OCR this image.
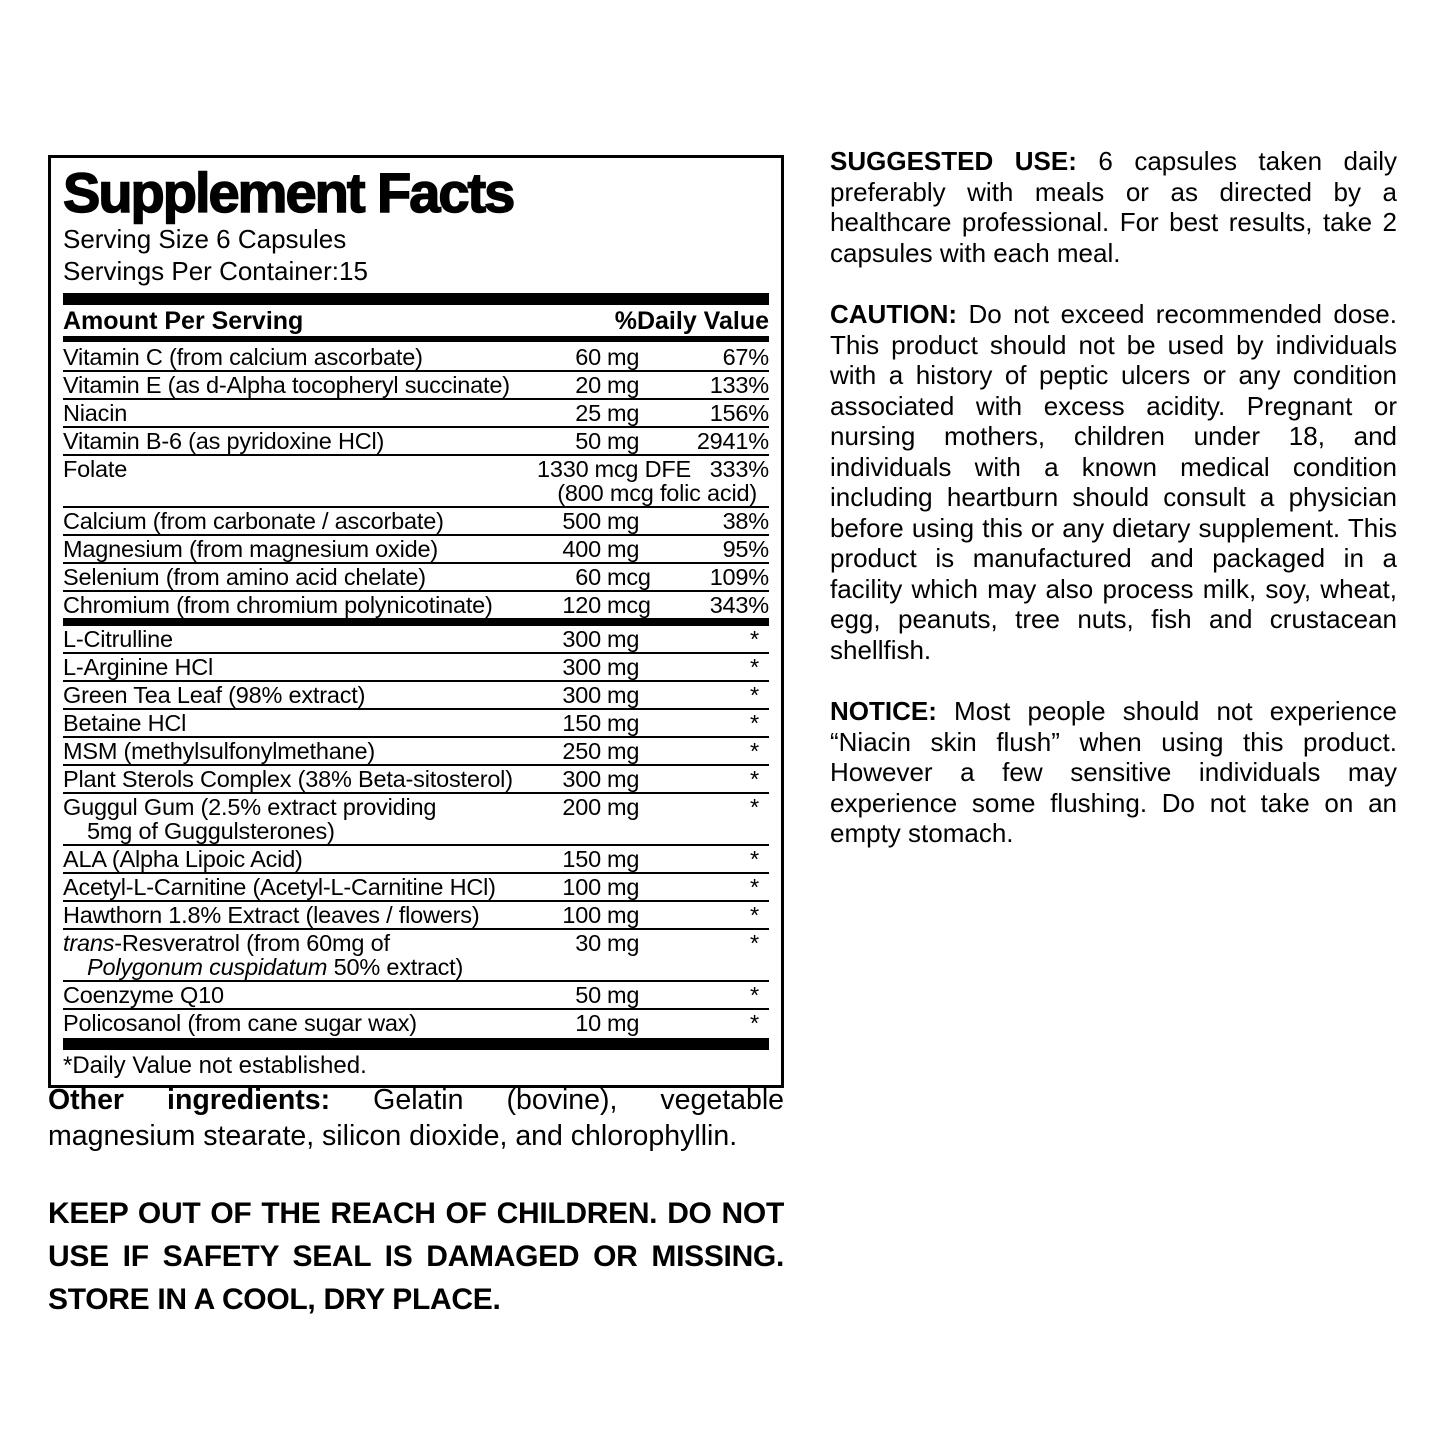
Supplement Facts
Serving Size 6 Capsules
Servings Per Container:15
Amount Per Serving	%Daily Value
Vitamin C (from calcium ascorbate)	60 mg	67%
Vitamin E (as d-Alpha tocopheryl succinate)	20 mg	133%
Niacin	25 mg	156%
Vitamin B-6 (as pyridoxine HCl)	50 mg 2941%
Folate	1330 mcg DFE 333%
(800 mcg folic acid)
Calcium (from carbonate / ascorbate)	500 mg	38%
Magnesium (from magnesium oxide)	400 mg	95%
Selenium (from amino acid chelate)	60 mcg	109%
Chromium (from chromium polynicotinate)	120 mcg	343%
L-Citrulline	300 mg	*
L-Arginine HCl	300 mg	*
Green Tea Leaf (98% extract)	300 mg	*
Betaine HCl	150 mg	*
MSM (methylsulfonylmethane)	250 mg	*
Plant Sterols Complex (38% Beta-sitosterol)	300 mg	*
Guggul Gum (2.5% extract providing	200 mg	*
5mg of Guggulsterones)
ALA (Alpha Lipoic Acid)	150 mg	*
Acetyl-L-Carnitine (Acetyl-L-Carnitine HCl)	100 mg	*
Hawthorn 1.8% Extract (leaves / flowers)	100 mg	*
trans-Resveratrol (from 60mg of	30 mg	*
Polygonum cuspidatum 50% extract)
Coenzyme Q10	50 mg	*
Policosanol (from cane sugar wax)	10 mg	*
*Daily Value not established.

Other ingredients: Gelatin (bovine), vegetable magnesium stearate, silicon dioxide, and chlorophyllin.

KEEP OUT OF THE REACH OF CHILDREN. DO NOT
USE IF SAFETY SEAL IS DAMAGED OR MISSING.
STORE IN A COOL, DRY PLACE.

SUGGESTED USE: 6 capsules taken daily preferably with meals or as directed by a healthcare professional. For best results, take 2 capsules with each meal.

CAUTION: Do not exceed recommended dose. This product should not be used by individuals with a history of peptic ulcers or any condition associated with excess acidity. Pregnant or nursing mothers, children under 18, and individuals with a known medical condition including heartburn should consult a physician before using this or any dietary supplement. This product is manufactured and packaged in a facility which may also process milk, soy, wheat, egg, peanuts, tree nuts, fish and crustacean shellfish.

NOTICE: Most people should not experience “Niacin skin flush” when using this product. However a few sensitive individuals may experience some flushing. Do not take on an empty stomach.
